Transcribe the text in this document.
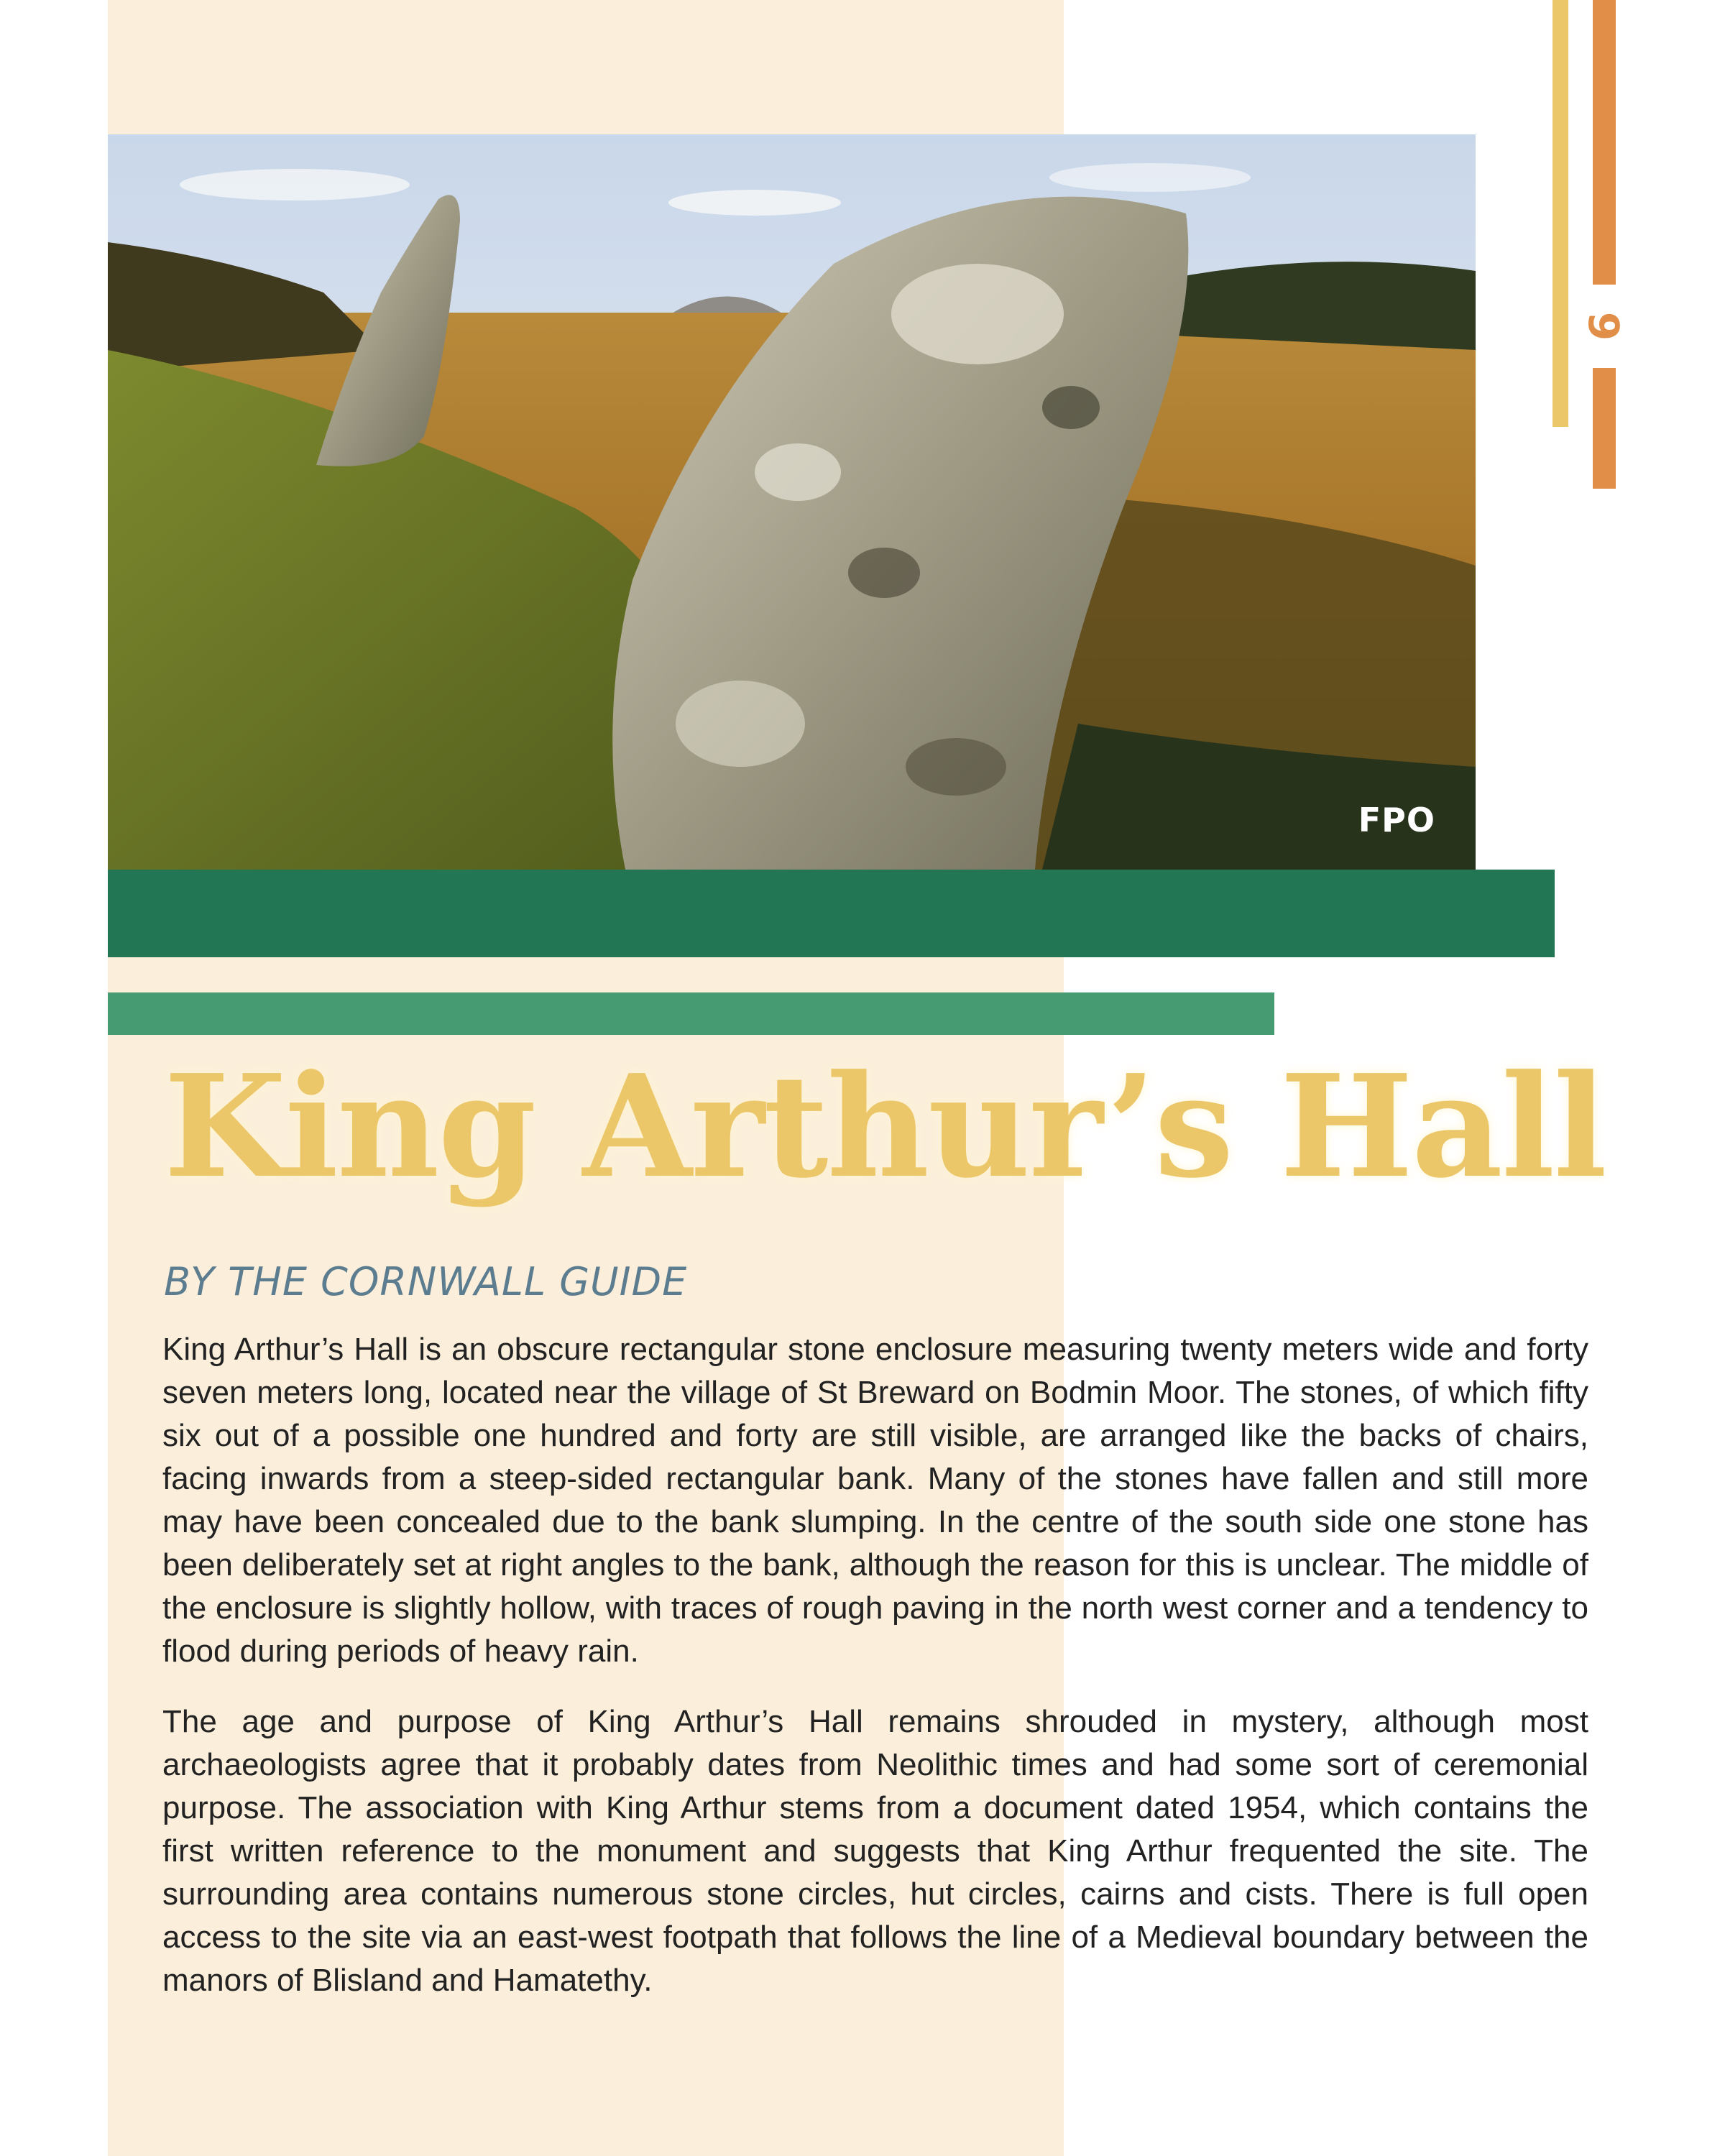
FPO
9
King Arthur’s Hall
BY THE CORNWALL GUIDE

King Arthur’s Hall is an obscure rectangular stone enclosure measuring twenty meters wide and forty seven meters long, located near the village of St Breward on Bodmin Moor. The stones, of which fifty six out of a possible one hundred and forty are still visible, are arranged like the backs of chairs, facing inwards from a steep-sided rectangular bank. Many of the stones have fallen and still more may have been concealed due to the bank slumping. In the centre of the south side one stone has been deliberately set at right angles to the bank, although the reason for this is unclear. The middle of the enclosure is slightly hollow, with traces of rough paving in the north west corner and a tendency to flood during periods of heavy rain.

The age and purpose of King Arthur’s Hall remains shrouded in mystery, although most archaeologists agree that it probably dates from Neolithic times and had some sort of ceremonial purpose. The association with King Arthur stems from a document dated 1954, which contains the first written reference to the monument and suggests that King Arthur frequented the site. The surrounding area contains numerous stone circles, hut circles, cairns and cists. There is full open access to the site via an east-west footpath that follows the line of a Medieval boundary between the manors of Blisland and Hamatethy.
